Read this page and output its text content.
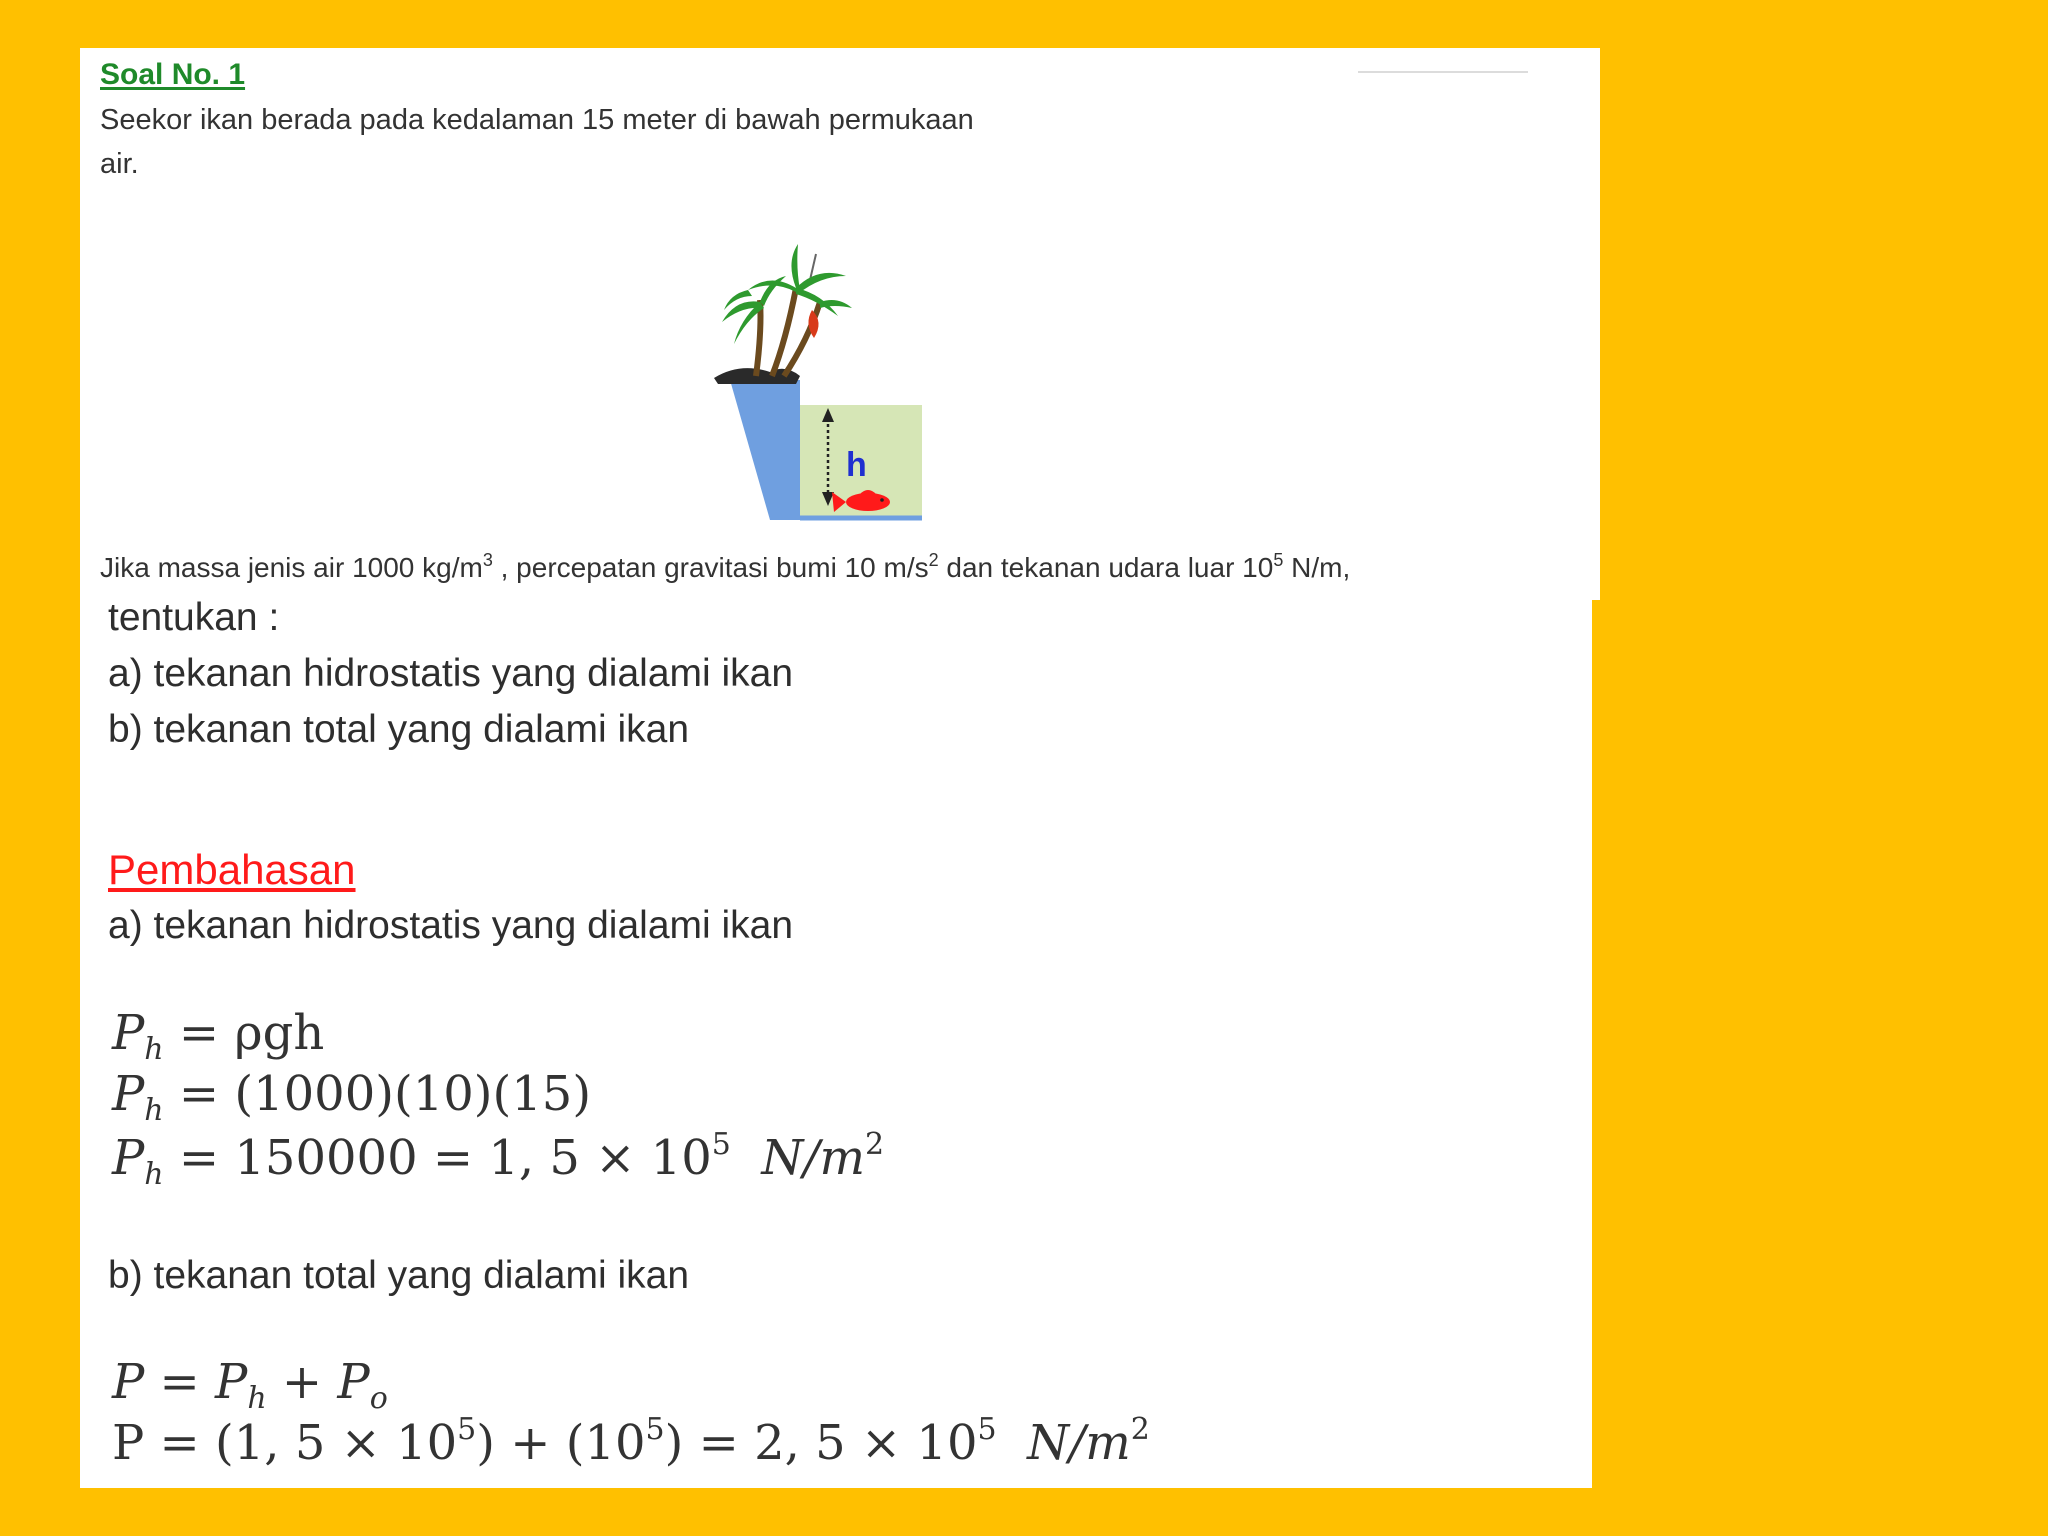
Soal No. 1
Seekor ikan berada pada kedalaman 15 meter di bawah permukaan
air.
h
Jika massa jenis air 1000 $kg/m^3$ , percepatan gravitasi bumi 10 $m/s^2$ dan tekanan udara luar $10^5$ N/m,
tentukan :
a) tekanan hidrostatis yang dialami ikan
b) tekanan total yang dialami ikan
Pembahasan
a) tekanan hidrostatis yang dialami ikan
$P_h = \rho gh$
$P_h = (1000)(10)(15)$
$P_h = 150000 = 1$, $5 \times 10^5$  $N/m^2$
b) tekanan total yang dialami ikan
$P = P_h + P_o$
P = (1, $5 \times 10^5) + (10^5) = 2$, $5 \times 10^5$  $N/m^2$
